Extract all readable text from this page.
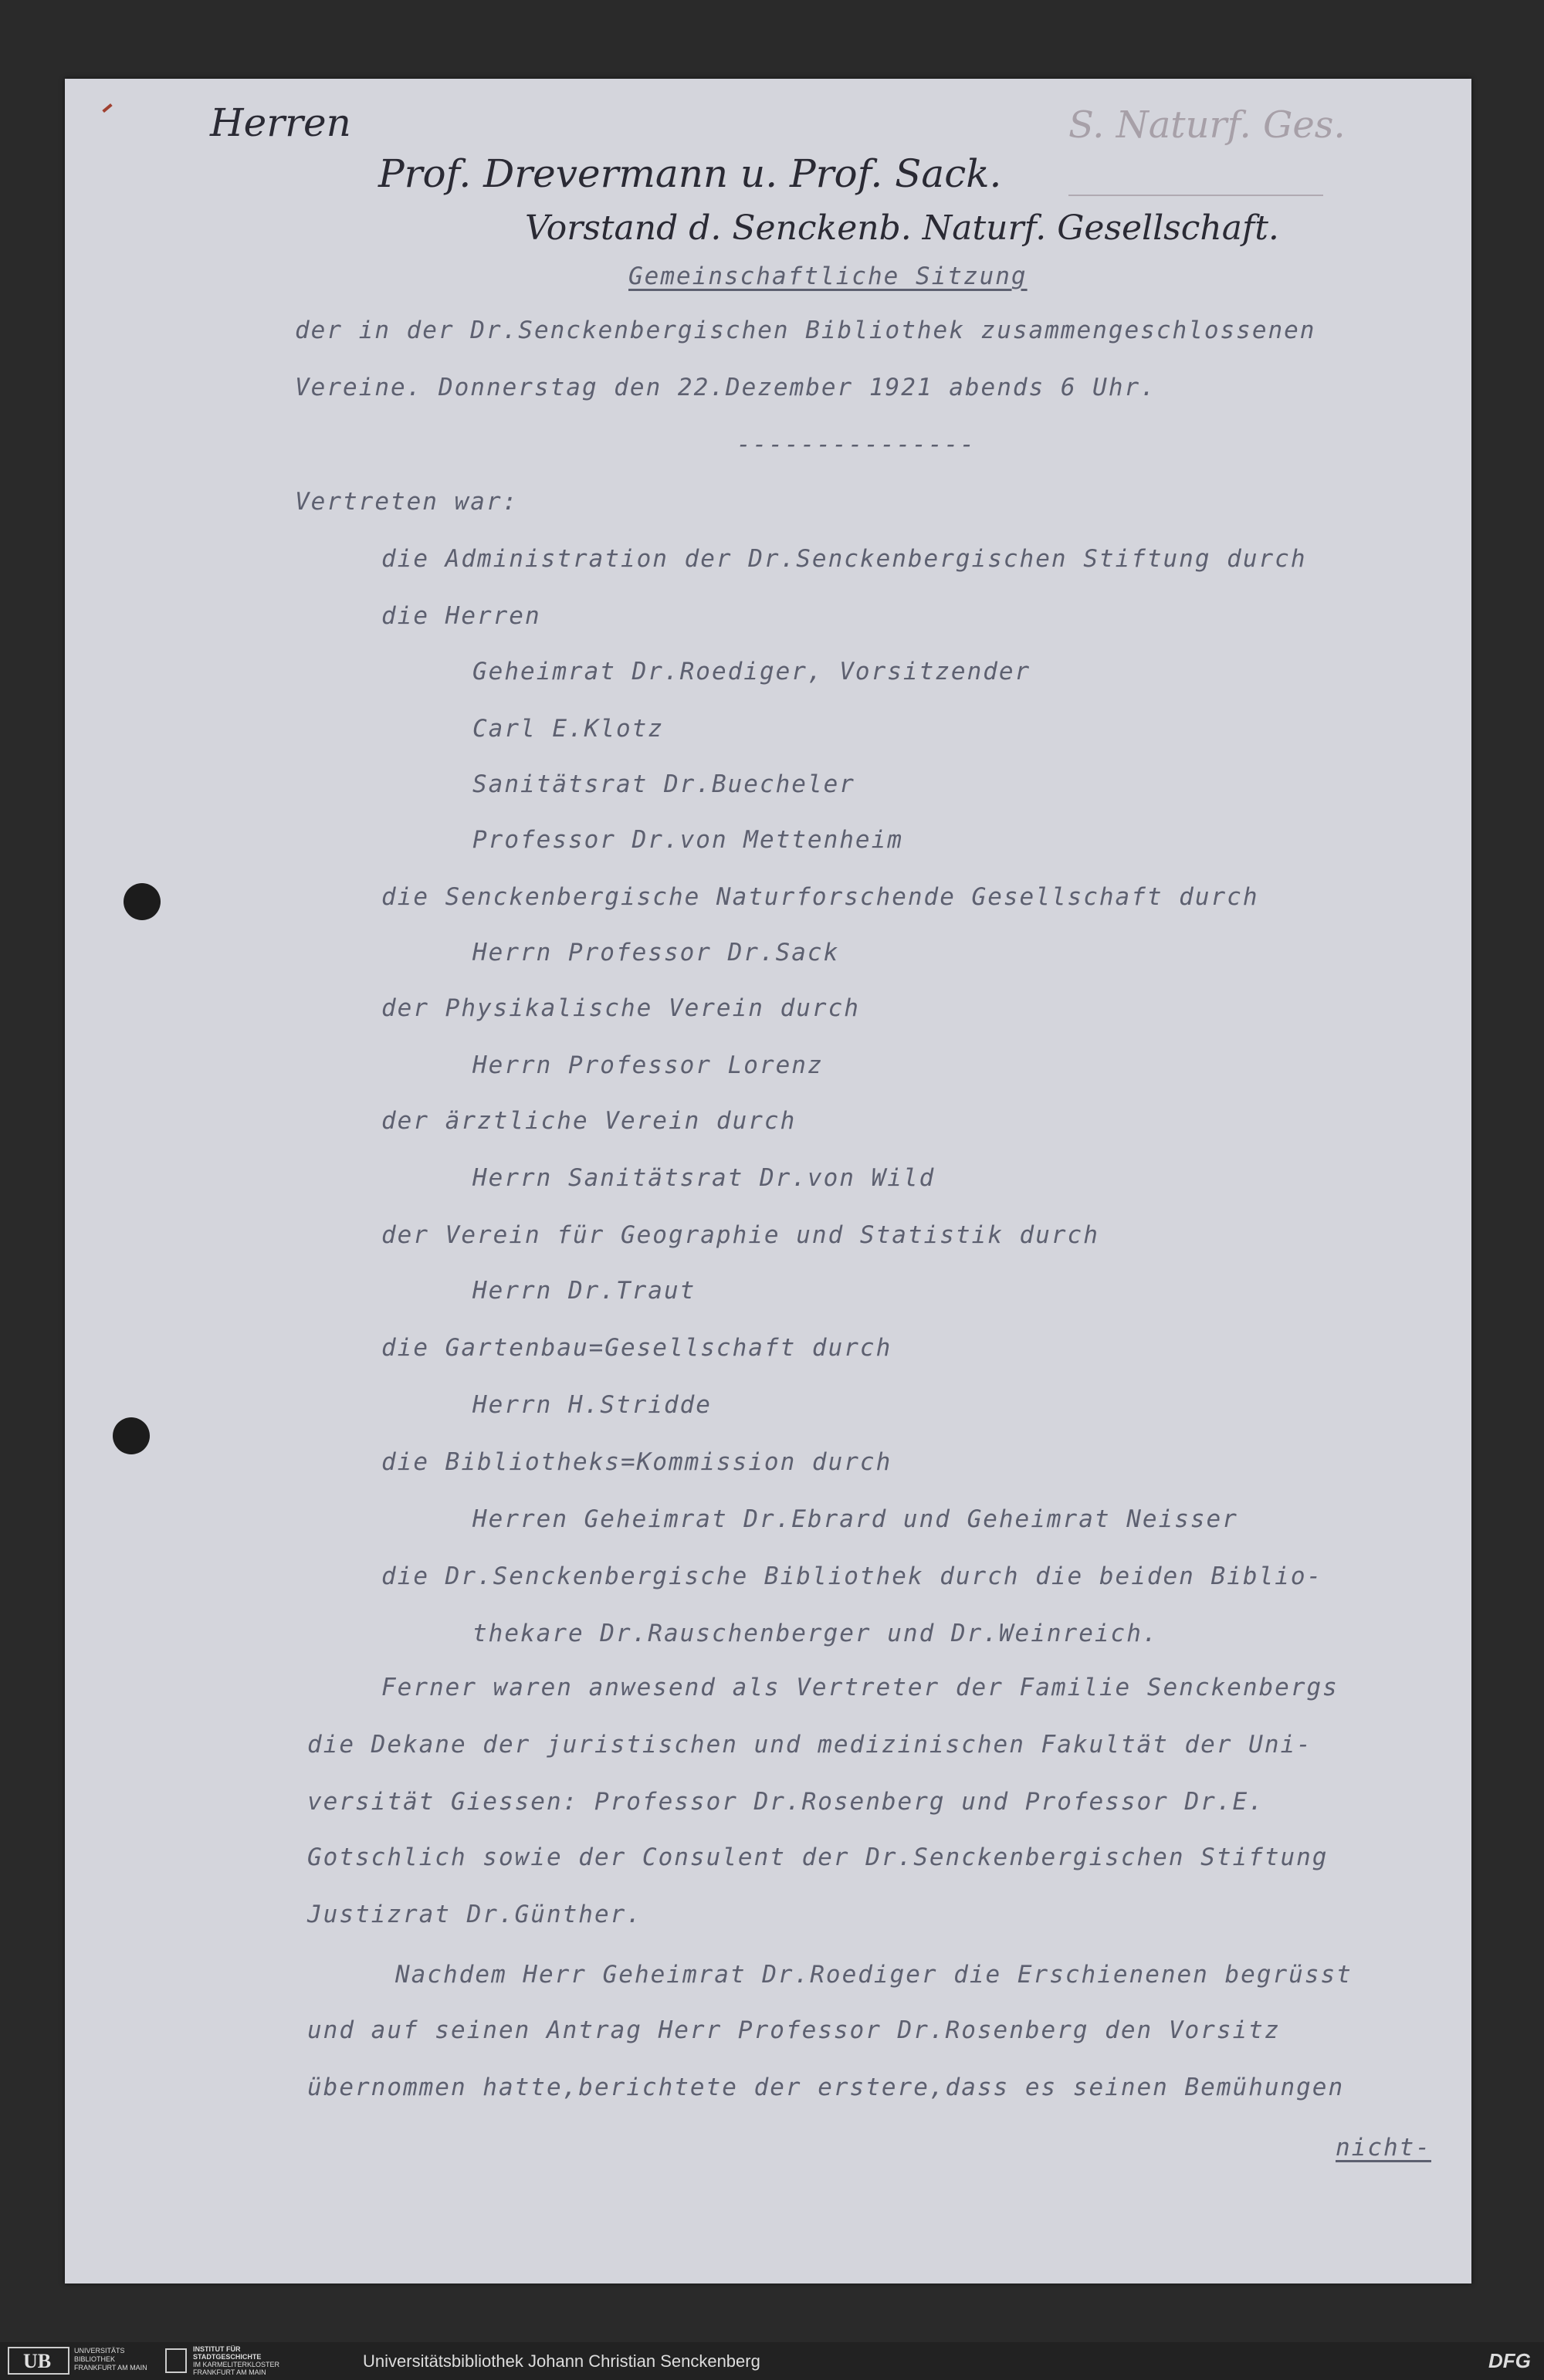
Herren
Prof. Drevermann u. Prof. Sack.
Vorstand d. Senckenb. Naturf. Gesellschaft.
S. Naturf. Ges.
Gemeinschaftliche Sitzung
der in der Dr.Senckenbergischen Bibliothek zusammengeschlossenen
Vereine. Donnerstag den 22.Dezember 1921 abends 6 Uhr.
---------------
Vertreten war:
die Administration der Dr.Senckenbergischen Stiftung durch
die Herren
Geheimrat Dr.Roediger, Vorsitzender
Carl E.Klotz
Sanitätsrat Dr.Buecheler
Professor Dr.von Mettenheim
die Senckenbergische Naturforschende Gesellschaft durch
Herrn Professor Dr.Sack
der Physikalische Verein durch
Herrn Professor Lorenz
der ärztliche Verein durch
Herrn Sanitätsrat Dr.von Wild
der Verein für Geographie und Statistik durch
Herrn Dr.Traut
die Gartenbau=Gesellschaft durch
Herrn H.Stridde
die Bibliotheks=Kommission durch
Herren Geheimrat Dr.Ebrard und Geheimrat Neisser
die Dr.Senckenbergische Bibliothek durch die beiden Biblio-
thekare Dr.Rauschenberger und Dr.Weinreich.
Ferner waren anwesend als Vertreter der Familie Senckenbergs
die Dekane der juristischen und medizinischen Fakultät der Uni-
versität Giessen: Professor Dr.Rosenberg und Professor Dr.E.
Gotschlich sowie der Consulent der Dr.Senckenbergischen Stiftung
Justizrat Dr.Günther.
Nachdem Herr Geheimrat Dr.Roediger die Erschienenen begrüsst
und auf seinen Antrag Herr Professor Dr.Rosenberg den Vorsitz
übernommen hatte,berichtete der erstere,dass es seinen Bemühungen
nicht-
UB	UNIVERSITÄTS
BIBLIOTHEK
FRANKFURT AM MAIN
INSTITUT FÜR
STADTGESCHICHTE
IM KARMELITERKLOSTER
FRANKFURT AM MAIN
Universitätsbibliothek Johann Christian Senckenberg	DFG
